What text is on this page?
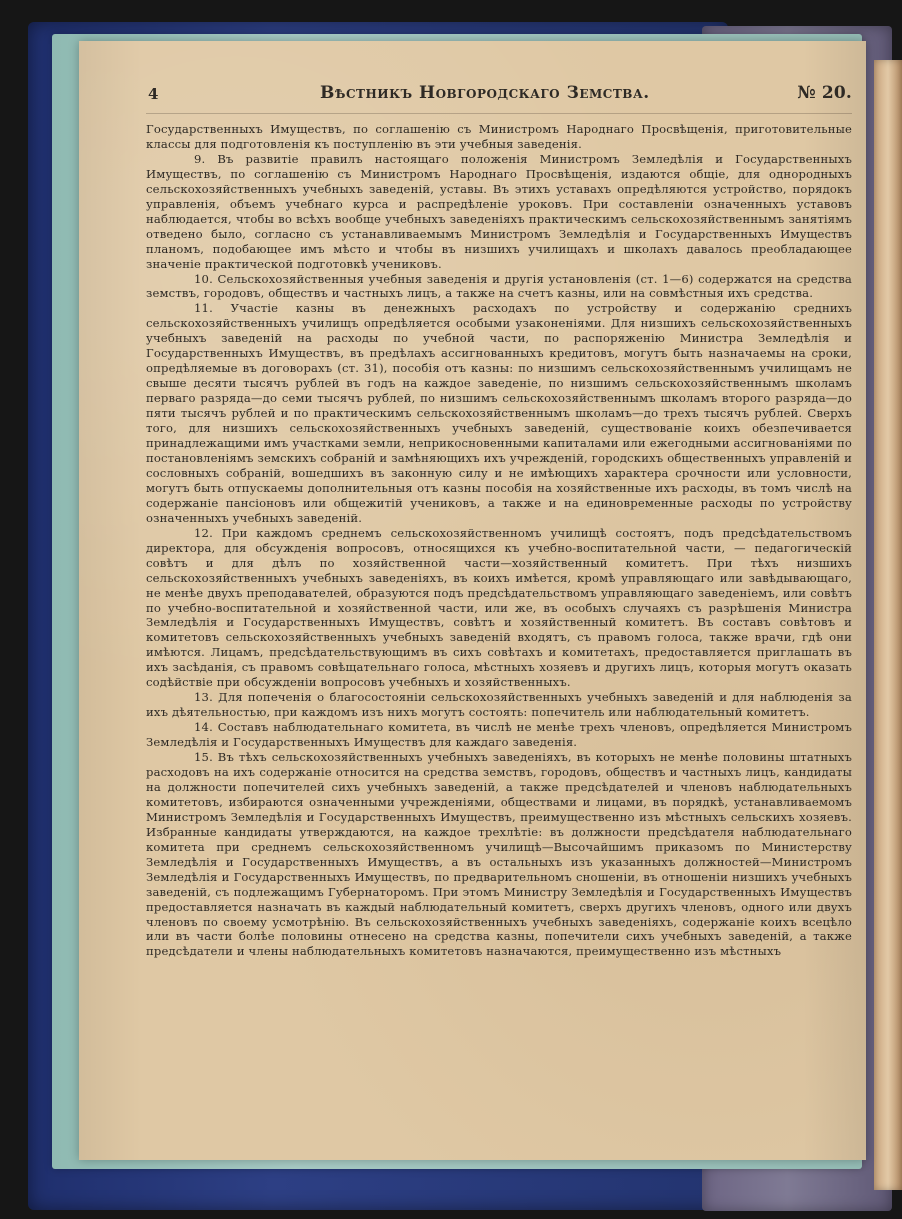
4	Вѣстникъ Новгородскаго Земства.	№ 20.

Государственныхъ Имуществъ, по соглашенію съ Министромъ Народнаго Просвѣщенія, приготовительные классы для подготовленія къ поступленію въ эти учебныя заведенія.

9. Въ развитіе правилъ настоящаго положенія Министромъ Земледѣлія и Государственныхъ Имуществъ, по соглашенію съ Министромъ Народнаго Просвѣщенія, издаются общіе, для однородныхъ сельскохозяйственныхъ учебныхъ заведеній, уставы. Въ этихъ уставахъ опредѣляются устройство, порядокъ управленія, объемъ учебнаго курса и распредѣленіе уроковъ. При составленіи означенныхъ уставовъ наблюдается, чтобы во всѣхъ вообще учебныхъ заведеніяхъ практическимъ сельскохозяйственнымъ занятіямъ отведено было, согласно съ устанавливаемымъ Министромъ Земледѣлія и Государственныхъ Имуществъ планомъ, подобающее имъ мѣсто и чтобы въ низшихъ училищахъ и школахъ давалось преобладающее значеніе практической подготовкѣ учениковъ.

10. Сельскохозяйственныя учебныя заведенія и другія установленія (ст. 1—6) содержатся на средства земствъ, городовъ, обществъ и частныхъ лицъ, а также на счетъ казны, или на совмѣстныя ихъ средства.

11. Участіе казны въ денежныхъ расходахъ по устройству и содержанію среднихъ сельскохозяйственныхъ училищъ опредѣляется особыми узаконеніями. Для низшихъ сельскохозяйственныхъ учебныхъ заведеній на расходы по учебной части, по распоряженію Министра Земледѣлія и Государственныхъ Имуществъ, въ предѣлахъ ассигнованныхъ кредитовъ, могутъ быть назначаемы на сроки, опредѣляемые въ договорахъ (ст. 31), пособія отъ казны: по низшимъ сельскохозяйственнымъ училищамъ не свыше десяти тысячъ рублей въ годъ на каждое заведеніе, по низшимъ сельскохозяйственнымъ школамъ перваго разряда—до семи тысячъ рублей, по низшимъ сельскохозяйственнымъ школамъ второго разряда—до пяти тысячъ рублей и по практическимъ сельскохозяйственнымъ школамъ—до трехъ тысячъ рублей. Сверхъ того, для низшихъ сельскохозяйственныхъ учебныхъ заведеній, существованіе коихъ обезпечивается принадлежащими имъ участками земли, неприкосновенными капиталами или ежегодными ассигнованіями по постановленіямъ земскихъ собраній и замѣняющихъ ихъ учрежденій, городскихъ общественныхъ управленій и сословныхъ собраній, вошедшихъ въ законную силу и не имѣющихъ характера срочности или условности, могутъ быть отпускаемы дополнительныя отъ казны пособія на хозяйственные ихъ расходы, въ томъ числѣ на содержаніе пансіоновъ или общежитій учениковъ, а также и на единовременные расходы по устройству означенныхъ учебныхъ заведеній.

12. При каждомъ среднемъ сельскохозяйственномъ училищѣ состоятъ, подъ предсѣдательствомъ директора, для обсужденія вопросовъ, относящихся къ учебно-воспитательной части, — педагогическій совѣтъ и для дѣлъ по хозяйственной части—хозяйственный комитетъ. При тѣхъ низшихъ сельскохозяйственныхъ учебныхъ заведеніяхъ, въ коихъ имѣется, кромѣ управляющаго или завѣдывающаго, не менѣе двухъ преподавателей, образуются подъ предсѣдательствомъ управляющаго заведеніемъ, или совѣтъ по учебно-воспитательной и хозяйственной части, или же, въ особыхъ случаяхъ съ разрѣшенія Министра Земледѣлія и Государственныхъ Имуществъ, совѣтъ и хозяйственный комитетъ. Въ составъ совѣтовъ и комитетовъ сельскохозяйственныхъ учебныхъ заведеній входятъ, съ правомъ голоса, также врачи, гдѣ они имѣются. Лицамъ, предсѣдательствующимъ въ сихъ совѣтахъ и комитетахъ, предоставляется приглашать въ ихъ засѣданія, съ правомъ совѣщательнаго голоса, мѣстныхъ хозяевъ и другихъ лицъ, которыя могутъ оказать содѣйствіе при обсужденіи вопросовъ учебныхъ и хозяйственныхъ.

13. Для попеченія о благосостояніи сельскохозяйственныхъ учебныхъ заведеній и для наблюденія за ихъ дѣятельностью, при каждомъ изъ нихъ могутъ состоять: попечитель или наблюдательный комитетъ.

14. Составъ наблюдательнаго комитета, въ числѣ не менѣе трехъ членовъ, опредѣляется Министромъ Земледѣлія и Государственныхъ Имуществъ для каждаго заведенія.

15. Въ тѣхъ сельскохозяйственныхъ учебныхъ заведеніяхъ, въ которыхъ не менѣе половины штатныхъ расходовъ на ихъ содержаніе относится на средства земствъ, городовъ, обществъ и частныхъ лицъ, кандидаты на должности попечителей сихъ учебныхъ заведеній, а также предсѣдателей и членовъ наблюдательныхъ комитетовъ, избираются означенными учрежденіями, обществами и лицами, въ порядкѣ, устанавливаемомъ Министромъ Земледѣлія и Государственныхъ Имуществъ, преимущественно изъ мѣстныхъ сельскихъ хозяевъ. Избранные кандидаты утверждаются, на каждое трехлѣтіе: въ должности предсѣдателя наблюдательнаго комитета при среднемъ сельскохозяйственномъ училищѣ—Высочайшимъ приказомъ по Министерству Земледѣлія и Государственныхъ Имуществъ, а въ остальныхъ изъ указанныхъ должностей—Министромъ Земледѣлія и Государственныхъ Имуществъ, по предварительномъ сношеніи, въ отношеніи низшихъ учебныхъ заведеній, съ подлежащимъ Губернаторомъ. При этомъ Министру Земледѣлія и Государственныхъ Имуществъ предоставляется назначать въ каждый наблюдательный комитетъ, сверхъ другихъ членовъ, одного или двухъ членовъ по своему усмотрѣнію. Въ сельскохозяйственныхъ учебныхъ заведеніяхъ, содержаніе коихъ всецѣло или въ части болѣе половины отнесено на средства казны, попечители сихъ учебныхъ заведеній, а также предсѣдатели и члены наблюдательныхъ комитетовъ назначаются, преимущественно изъ мѣстныхъ
